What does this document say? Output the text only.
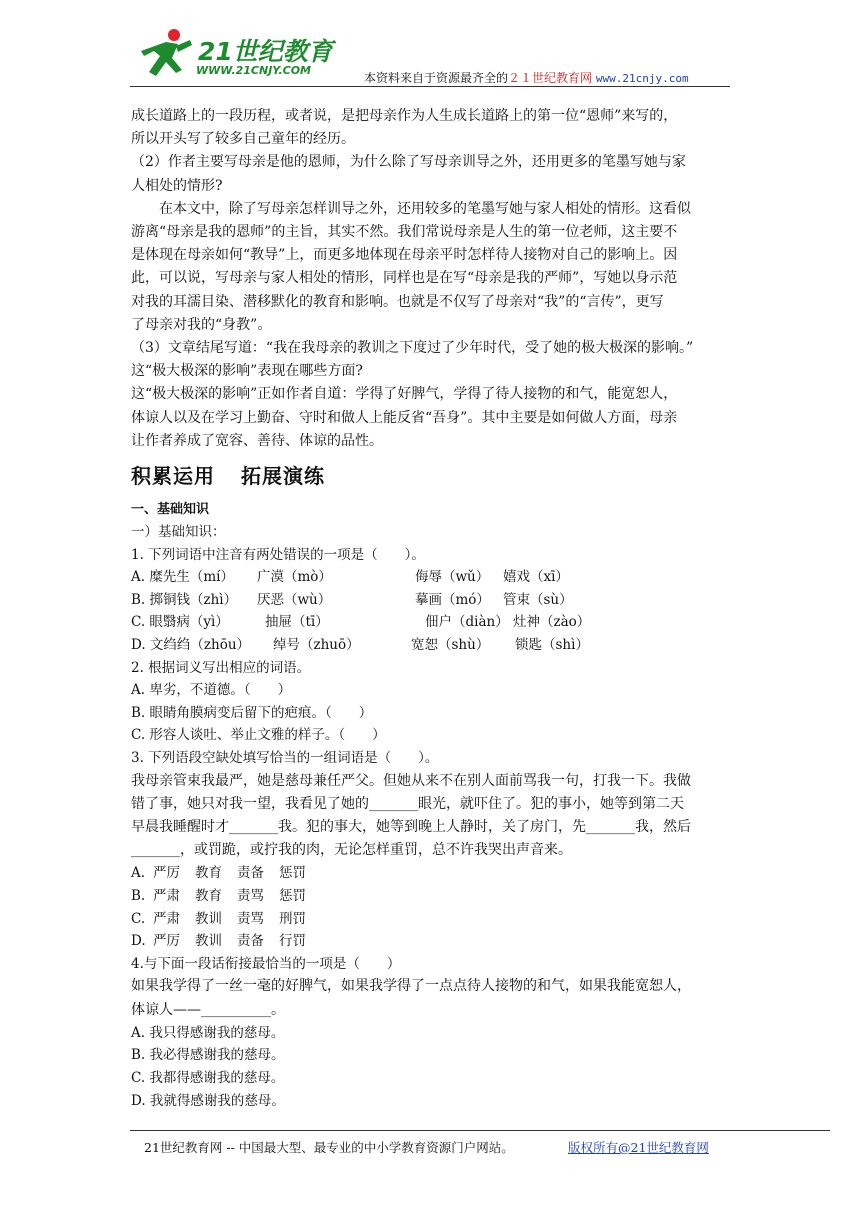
21世纪教育
WWW.21CNJY.COM
本资料来自于资源最齐全的２１世纪教育网 www.21cnjy.com

成长道路上的一段历程，或者说，是把母亲作为人生成长道路上的第一位“恩师”来写的，

所以开头写了较多自己童年的经历。

（2）作者主要写母亲是他的恩师，为什么除了写母亲训导之外，还用更多的笔墨写她与家

人相处的情形?

在本文中，除了写母亲怎样训导之外，还用较多的笔墨写她与家人相处的情形。这看似

游离“母亲是我的恩师”的主旨，其实不然。我们常说母亲是人生的第一位老师，这主要不

是体现在母亲如何“教导”上，而更多地体现在母亲平时怎样待人接物对自己的影响上。因

此，可以说，写母亲与家人相处的情形，同样也是在写“母亲是我的严师”，写她以身示范

对我的耳濡目染、潜移默化的教育和影响。也就是不仅写了母亲对“我”的“言传”，更写

了母亲对我的“身教”。

（3）文章结尾写道：“我在我母亲的教训之下度过了少年时代，受了她的极大极深的影响。”

这“极大极深的影响”表现在哪些方面?

这“极大极深的影响”正如作者自道：学得了好脾气，学得了待人接物的和气，能宽恕人，

体谅人以及在学习上勤奋、守时和做人上能反省“吾身”。其中主要是如何做人方面，母亲

让作者养成了宽容、善待、体谅的品性。

积累运用 拓展演练

一、基础知识

一）基础知识：

1. 下列词语中注音有两处错误的一项是（　　）。

A. 糜先生（mí） 广漠（mò）	侮辱（wǔ） 嬉戏（xī）

B. 掷铜钱（zhì） 厌恶（wù）	摹画（mó） 管束（sù）

C. 眼翳病（yì）	抽屉（tī）	佃户（diàn） 灶神（zào）

D. 文绉绉（zhōu） 绰号（zhuō）	宽恕（shù） 锁匙（shì）

2. 根据词义写出相应的词语。

A. 卑劣，不道德。（　　）

B. 眼睛角膜病变后留下的疤痕。（　　）

C. 形容人谈吐、举止文雅的样子。（　　）

3. 下列语段空缺处填写恰当的一组词语是（　　）。

我母亲管束我最严，她是慈母兼任严父。但她从来不在别人面前骂我一句，打我一下。我做

错了事，她只对我一望，我看见了她的_______眼光，就吓住了。犯的事小，她等到第二天

早晨我睡醒时才_______我。犯的事大，她等到晚上人静时，关了房门，先_______我，然后

_______，或罚跪，或拧我的肉，无论怎样重罚，总不许我哭出声音来。

A. 严厉 教育 责备 惩罚

B. 严肃 教育 责骂 惩罚

C. 严肃 教训 责骂 刑罚

D. 严厉 教训 责备 行罚

4.与下面一段话衔接最恰当的一项是（　　）

如果我学得了一丝一毫的好脾气，如果我学得了一点点待人接物的和气，如果我能宽恕人，

体谅人——__________。

A. 我只得感谢我的慈母。

B. 我必得感谢我的慈母。

C. 我都得感谢我的慈母。

D. 我就得感谢我的慈母。

21世纪教育网 -- 中国最大型、最专业的中小学教育资源门户网站。	版权所有@21世纪教育网
